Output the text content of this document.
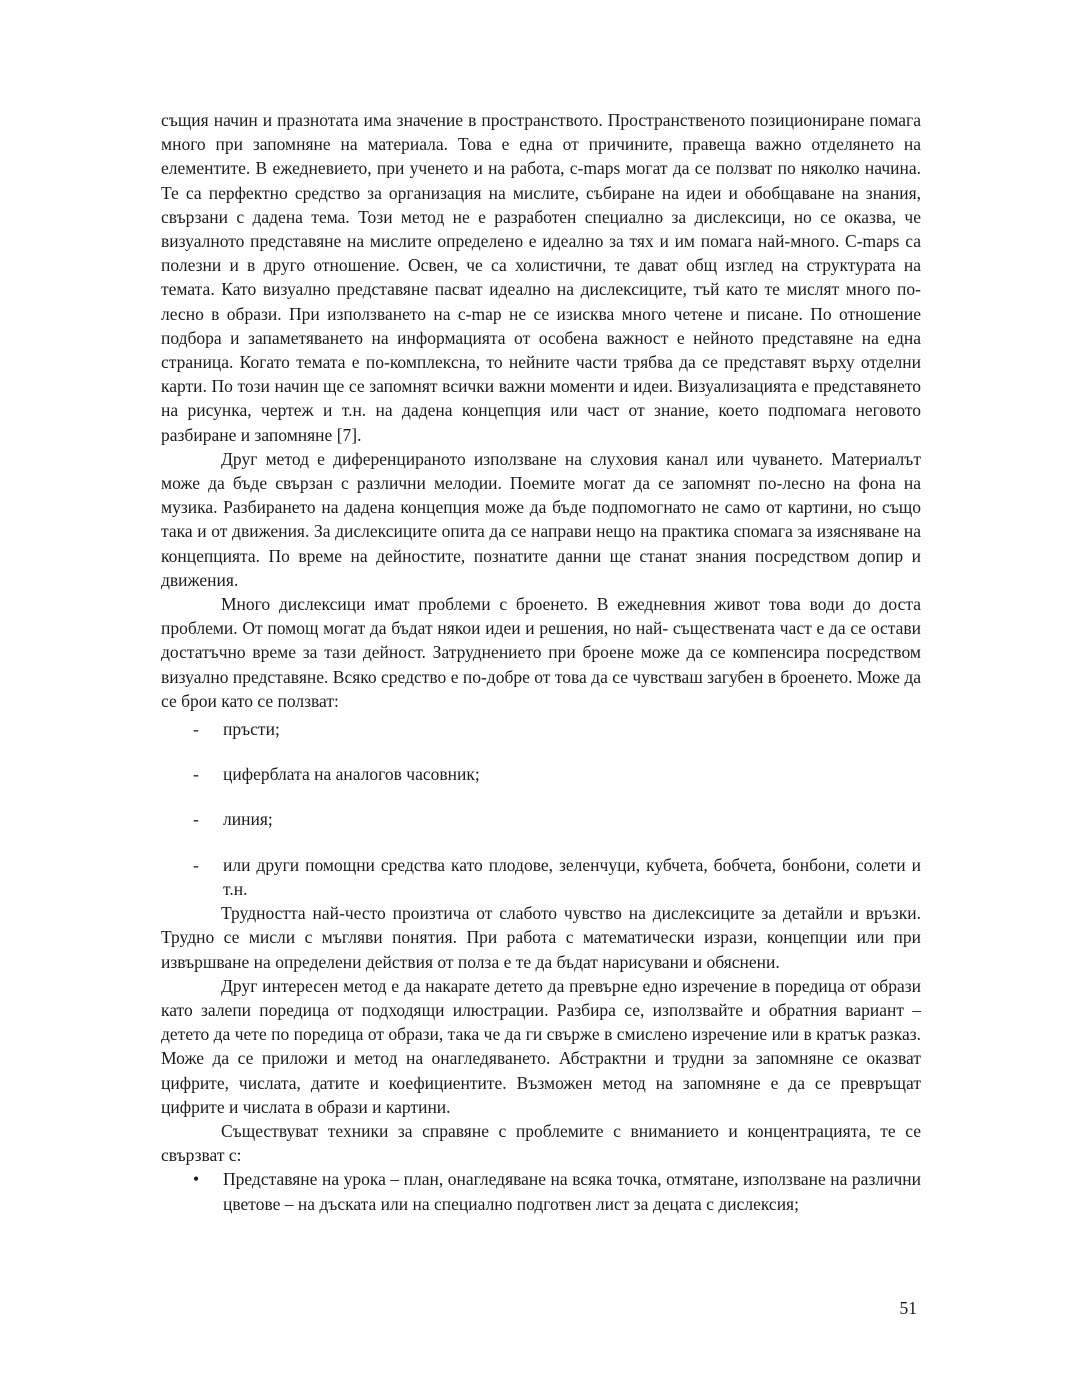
същия начин и празнотата има значение в пространството. Пространственото позициониране помага много при запомняне на материала. Това е една от причините, правеща важно отделянето на елементите. В ежедневието, при ученето и на работа, c-maps могат да се ползват по няколко начина. Те са перфектно средство за организация на мислите, събиране на идеи и обобщаване на знания, свързани с дадена тема. Този метод не е разработен специално за дислексици, но се оказва, че визуалното представяне на мислите определено е идеално за тях и им помага най-много. C-maps са полезни и в друго отношение. Освен, че са холистични, те дават общ изглед на структурата на темата. Като визуално представяне пасват идеално на дислексиците, тъй като те мислят много по-лесно в образи. При използването на c-map не се изисква много четене и писане. По отношение подбора и запаметяването на информацията от особена важност е нейното представяне на една страница. Когато темата е по-комплексна, то нейните части трябва да се представят върху отделни карти. По този начин ще се запомнят всички важни моменти и идеи. Визуализацията е представянето на рисунка, чертеж и т.н. на дадена концепция или част от знание, което подпомага неговото разбиране и запомняне [7].

Друг метод е диференцираното използване на слуховия канал или чуването. Материалът може да бъде свързан с различни мелодии. Поемите могат да се запомнят по-лесно на фона на музика. Разбирането на дадена концепция може да бъде подпомогнато не само от картини, но също така и от движения. За дислексиците опита да се направи нещо на практика спомага за изясняване на концепцията. По време на дейностите, познатите данни ще станат знания посредством допир и движения.

Много дислексици имат проблеми с броенето. В ежедневния живот това води до доста проблеми. От помощ могат да бъдат някои идеи и решения, но най- съществената част е да се остави достатъчно време за тази дейност. Затруднението при броене може да се компенсира посредством визуално представяне. Всяко средство е по-добре от това да се чувстваш загубен в броенето. Може да се брои като се ползват:

- пръсти;
- циферблата на аналогов часовник;
- линия;
- или други помощни средства като плодове, зеленчуци, кубчета, бобчета, бонбони, солети и т.н.

Трудността най-често произтича от слабото чувство на дислексиците за детайли и връзки. Трудно се мисли с мъгляви понятия. При работа с математически изрази, концепции или при извършване на определени действия от полза е те да бъдат нарисувани и обяснени.

Друг интересен метод е да накарате детето да превърне едно изречение в поредица от образи като залепи поредица от подходящи илюстрации. Разбира се, използвайте и обратния вариант – детето да чете по поредица от образи, така че да ги свърже в смислено изречение или в кратък разказ. Може да се приложи и метод на онагледяването. Абстрактни и трудни за запомняне се оказват цифрите, числата, датите и коефициентите. Възможен метод на запомняне е да се превръщат цифрите и числата в образи и картини.

Съществуват техники за справяне с проблемите с вниманието и концентрацията, те се свързват с:

• Представяне на урока – план, онагледяване на всяка точка, отмятане, използване на различни цветове – на дъската или на специално подготвен лист за децата с дислексия;
51
